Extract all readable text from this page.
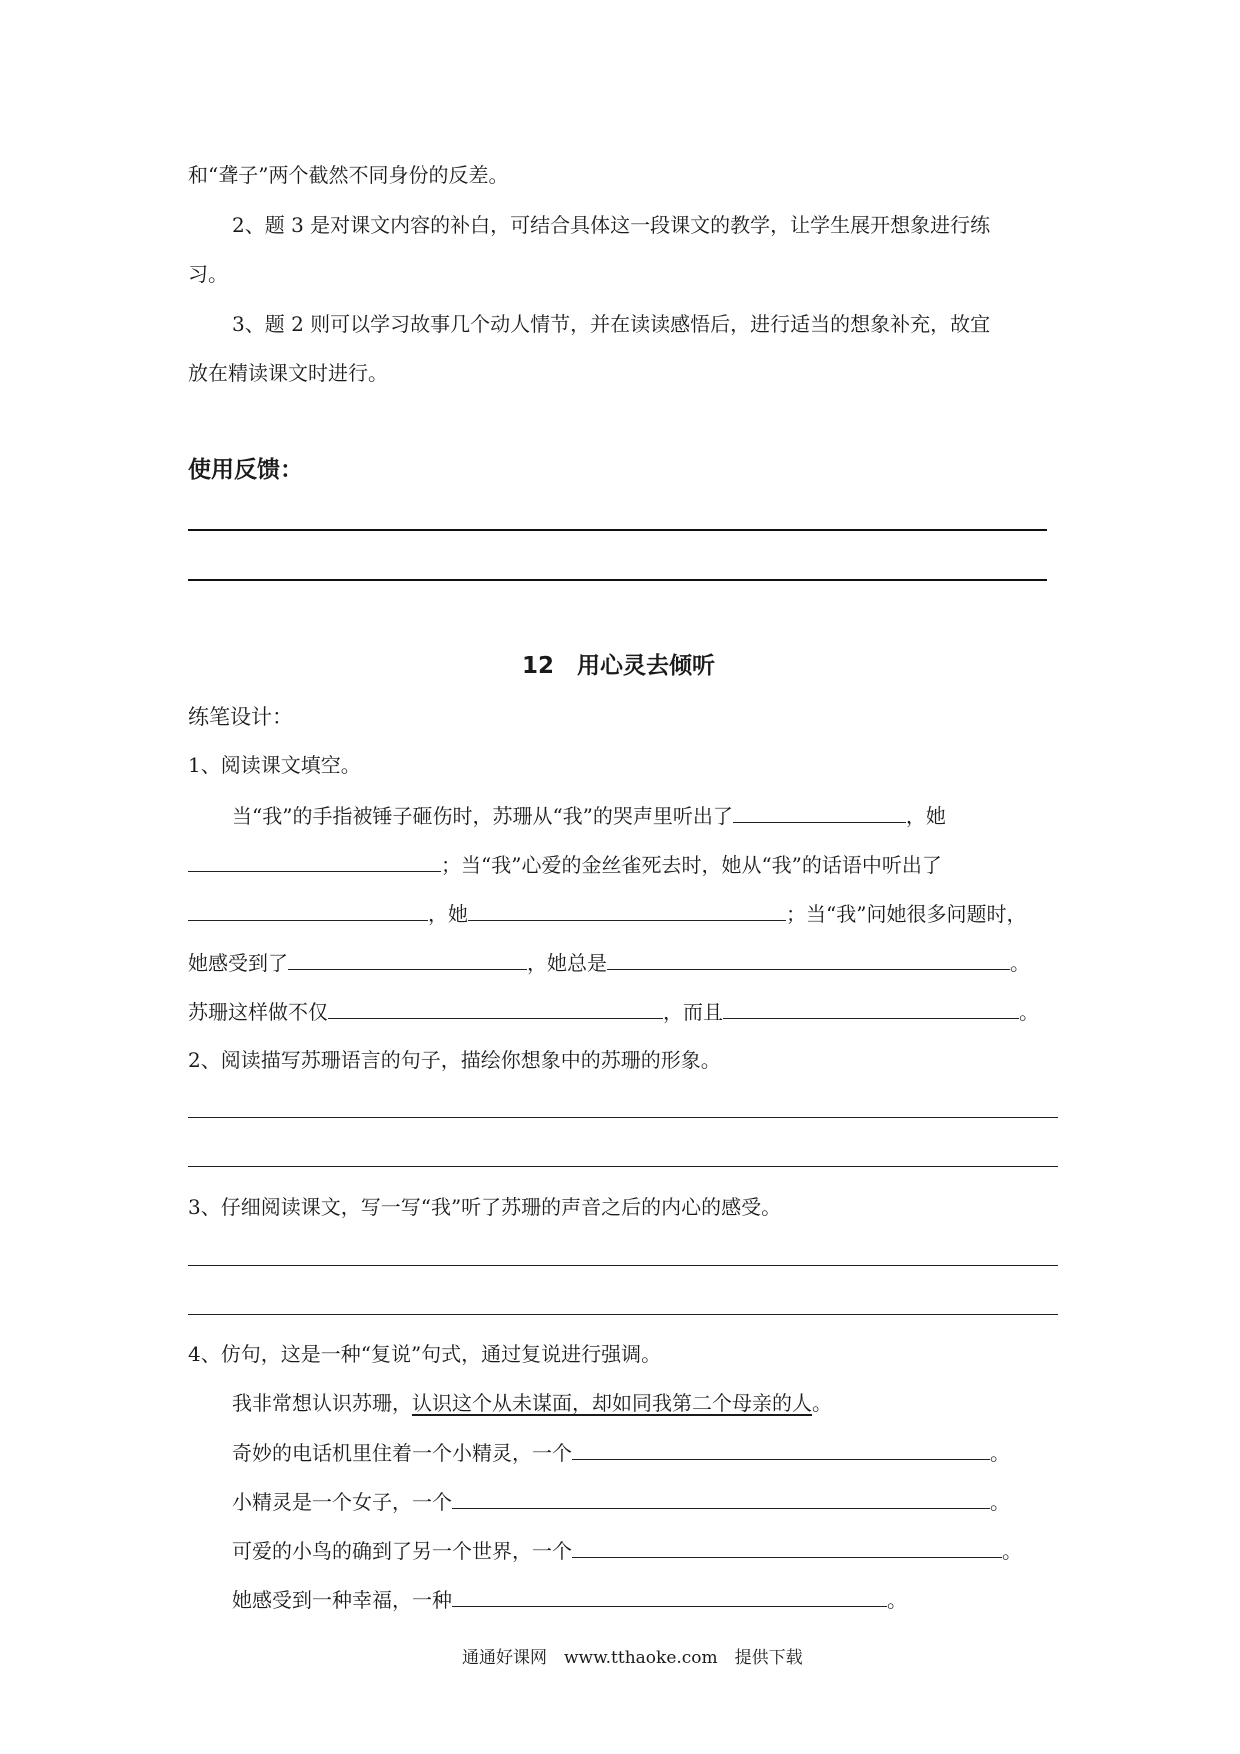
和“聋子”两个截然不同身份的反差。
2、题 3 是对课文内容的补白，可结合具体这一段课文的教学，让学生展开想象进行练
习。
3、题 2 则可以学习故事几个动人情节，并在读读感悟后，进行适当的想象补充，故宜
放在精读课文时进行。
使用反馈：
12　用心灵去倾听
练笔设计：
1、阅读课文填空。
当“我”的手指被锤子砸伤时，苏珊从“我”的哭声里听出了	，她
；当“我”心爱的金丝雀死去时，她从“我”的话语中听出了
，她	；当“我”问她很多问题时，
她感受到了	，她总是	。
苏珊这样做不仅	，而且	。
2、阅读描写苏珊语言的句子，描绘你想象中的苏珊的形象。
3、仔细阅读课文，写一写“我”听了苏珊的声音之后的内心的感受。
4、仿句，这是一种“复说”句式，通过复说进行强调。
我非常想认识苏珊，认识这个从未谋面，却如同我第二个母亲的人。
奇妙的电话机里住着一个小精灵，一个	。
小精灵是一个女子，一个	。
可爱的小鸟的确到了另一个世界，一个	。
她感受到一种幸福，一种	。
通通好课网　www.tthaoke.com　提供下载
